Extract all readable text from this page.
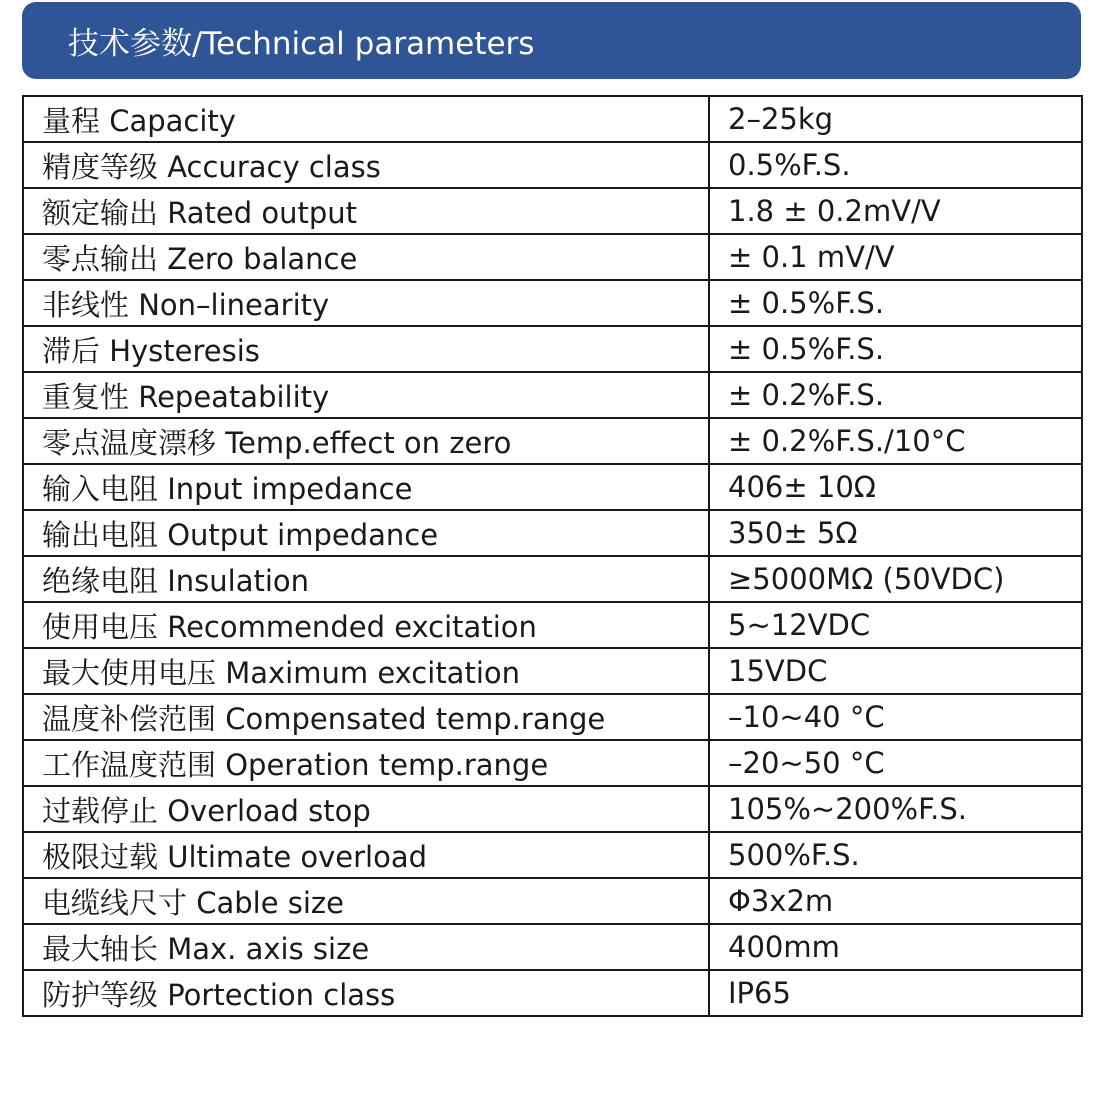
技术参数/Technical parameters
量程 Capacity	2–25kg
精度等级 Accuracy class	0.5%F.S.
额定输出 Rated output	1.8 ± 0.2mV/V
零点输出 Zero balance	± 0.1 mV/V
非线性 Non–linearity	± 0.5%F.S.
滞后 Hysteresis	± 0.5%F.S.
重复性 Repeatability	± 0.2%F.S.
零点温度漂移 Temp.effect on zero	± 0.2%F.S./10°C
输入电阻 Input impedance	406± 10Ω
输出电阻 Output impedance	350± 5Ω
绝缘电阻 Insulation	≥5000MΩ (50VDC)
使用电压 Recommended excitation	5~12VDC
最大使用电压 Maximum excitation	15VDC
温度补偿范围 Compensated temp.range	–10~40 °C
工作温度范围 Operation temp.range	–20~50 °C
过载停止 Overload stop	105%~200%F.S.
极限过载 Ultimate overload	500%F.S.
电缆线尺寸 Cable size	Φ3x2m
最大轴长 Max. axis size	400mm
防护等级 Portection class	IP65
